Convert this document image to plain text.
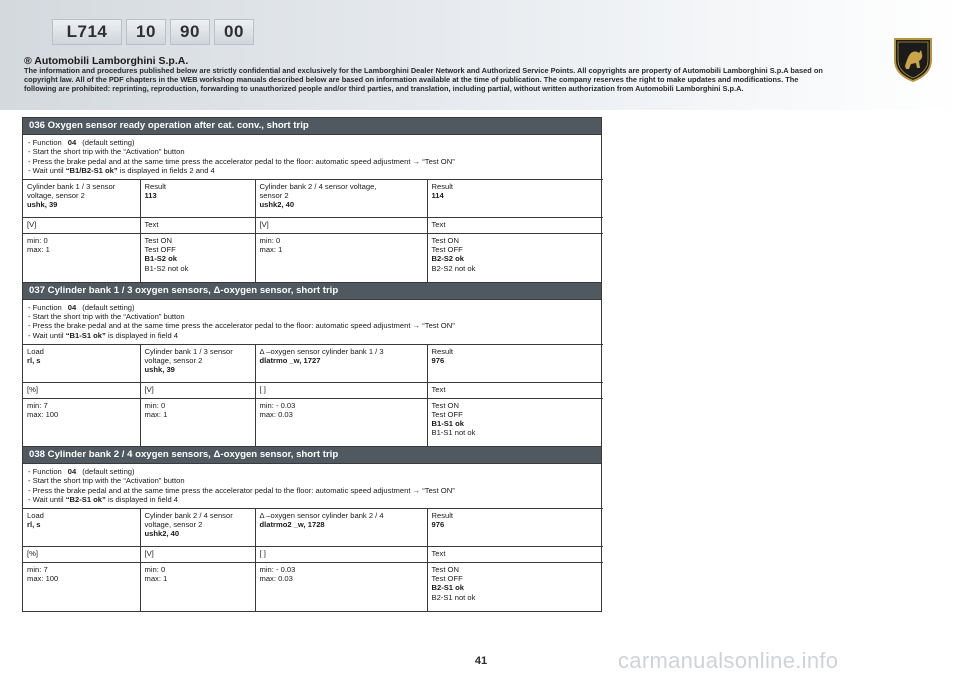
L714	10	90	00
® Automobili Lamborghini S.p.A.
The information and procedures published below are strictly confidential and exclusively for the Lamborghini Dealer Network and Authorized Service Points. All copyrights are property of Automobili Lamborghini S.p.A based on copyright law. All of the PDF chapters in the WEB workshop manuals described below are based on information available at the time of publication. The company reserves the right to make updates and modifications. The following are prohibited: reprinting, reproduction, forwarding to unauthorized people and/or third parties, and translation, including partial, without written authorization from Automobili Lamborghini S.p.A.
036 Oxygen sensor ready operation after cat. conv., short trip
- Function 04 (default setting)
- Start the short trip with the “Activation” button
- Press the brake pedal and at the same time press the accelerator pedal to the floor: automatic speed adjustment → “Test ON”
- Wait until “B1/B2-S1 ok” is displayed in fields 2 and 4
Cylinder bank 1 / 3 sensor
voltage, sensor 2
ushk, 39	Result
113	Cylinder bank 2 / 4 sensor voltage,
sensor 2
ushk2, 40	Result
114

[V]	Text	[V]	Text

min: 0
max: 1	Test ON
Test OFF
B1-S2 ok
B1-S2 not ok	min: 0
max: 1	Test ON
Test OFF
B2-S2 ok
B2-S2 not ok
037 Cylinder bank 1 / 3 oxygen sensors, Δ-oxygen sensor, short trip
- Function 04 (default setting)
- Start the short trip with the “Activation” button
- Press the brake pedal and at the same time press the accelerator pedal to the floor: automatic speed adjustment → “Test ON”
- Wait until “B1-S1 ok” is displayed in field 4
Load
rl, s	Cylinder bank 1 / 3 sensor
voltage, sensor 2
ushk, 39	Δ –oxygen sensor cylinder bank 1 / 3
dlatrmo _w, 1727	Result
976

[%]	[V]	[ ]	Text

min: 7
max: 100	min: 0
max: 1	min: - 0.03
max: 0.03	Test ON
Test OFF
B1-S1 ok
B1-S1 not ok
038 Cylinder bank 2 / 4 oxygen sensors, Δ-oxygen sensor, short trip
- Function 04 (default setting)
- Start the short trip with the “Activation” button
- Press the brake pedal and at the same time press the accelerator pedal to the floor: automatic speed adjustment → “Test ON”
- Wait until “B2-S1 ok” is displayed in field 4
Load
rl, s	Cylinder bank 2 / 4 sensor
voltage, sensor 2
ushk2, 40	Δ –oxygen sensor cylinder bank 2 / 4
dlatrmo2 _w, 1728	Result
976

[%]	[V]	[ ]	Text

min: 7
max: 100	min: 0
max: 1	min: - 0.03
max: 0.03	Test ON
Test OFF
B2-S1 ok
B2-S1 not ok
41	carmanualsonline.info
